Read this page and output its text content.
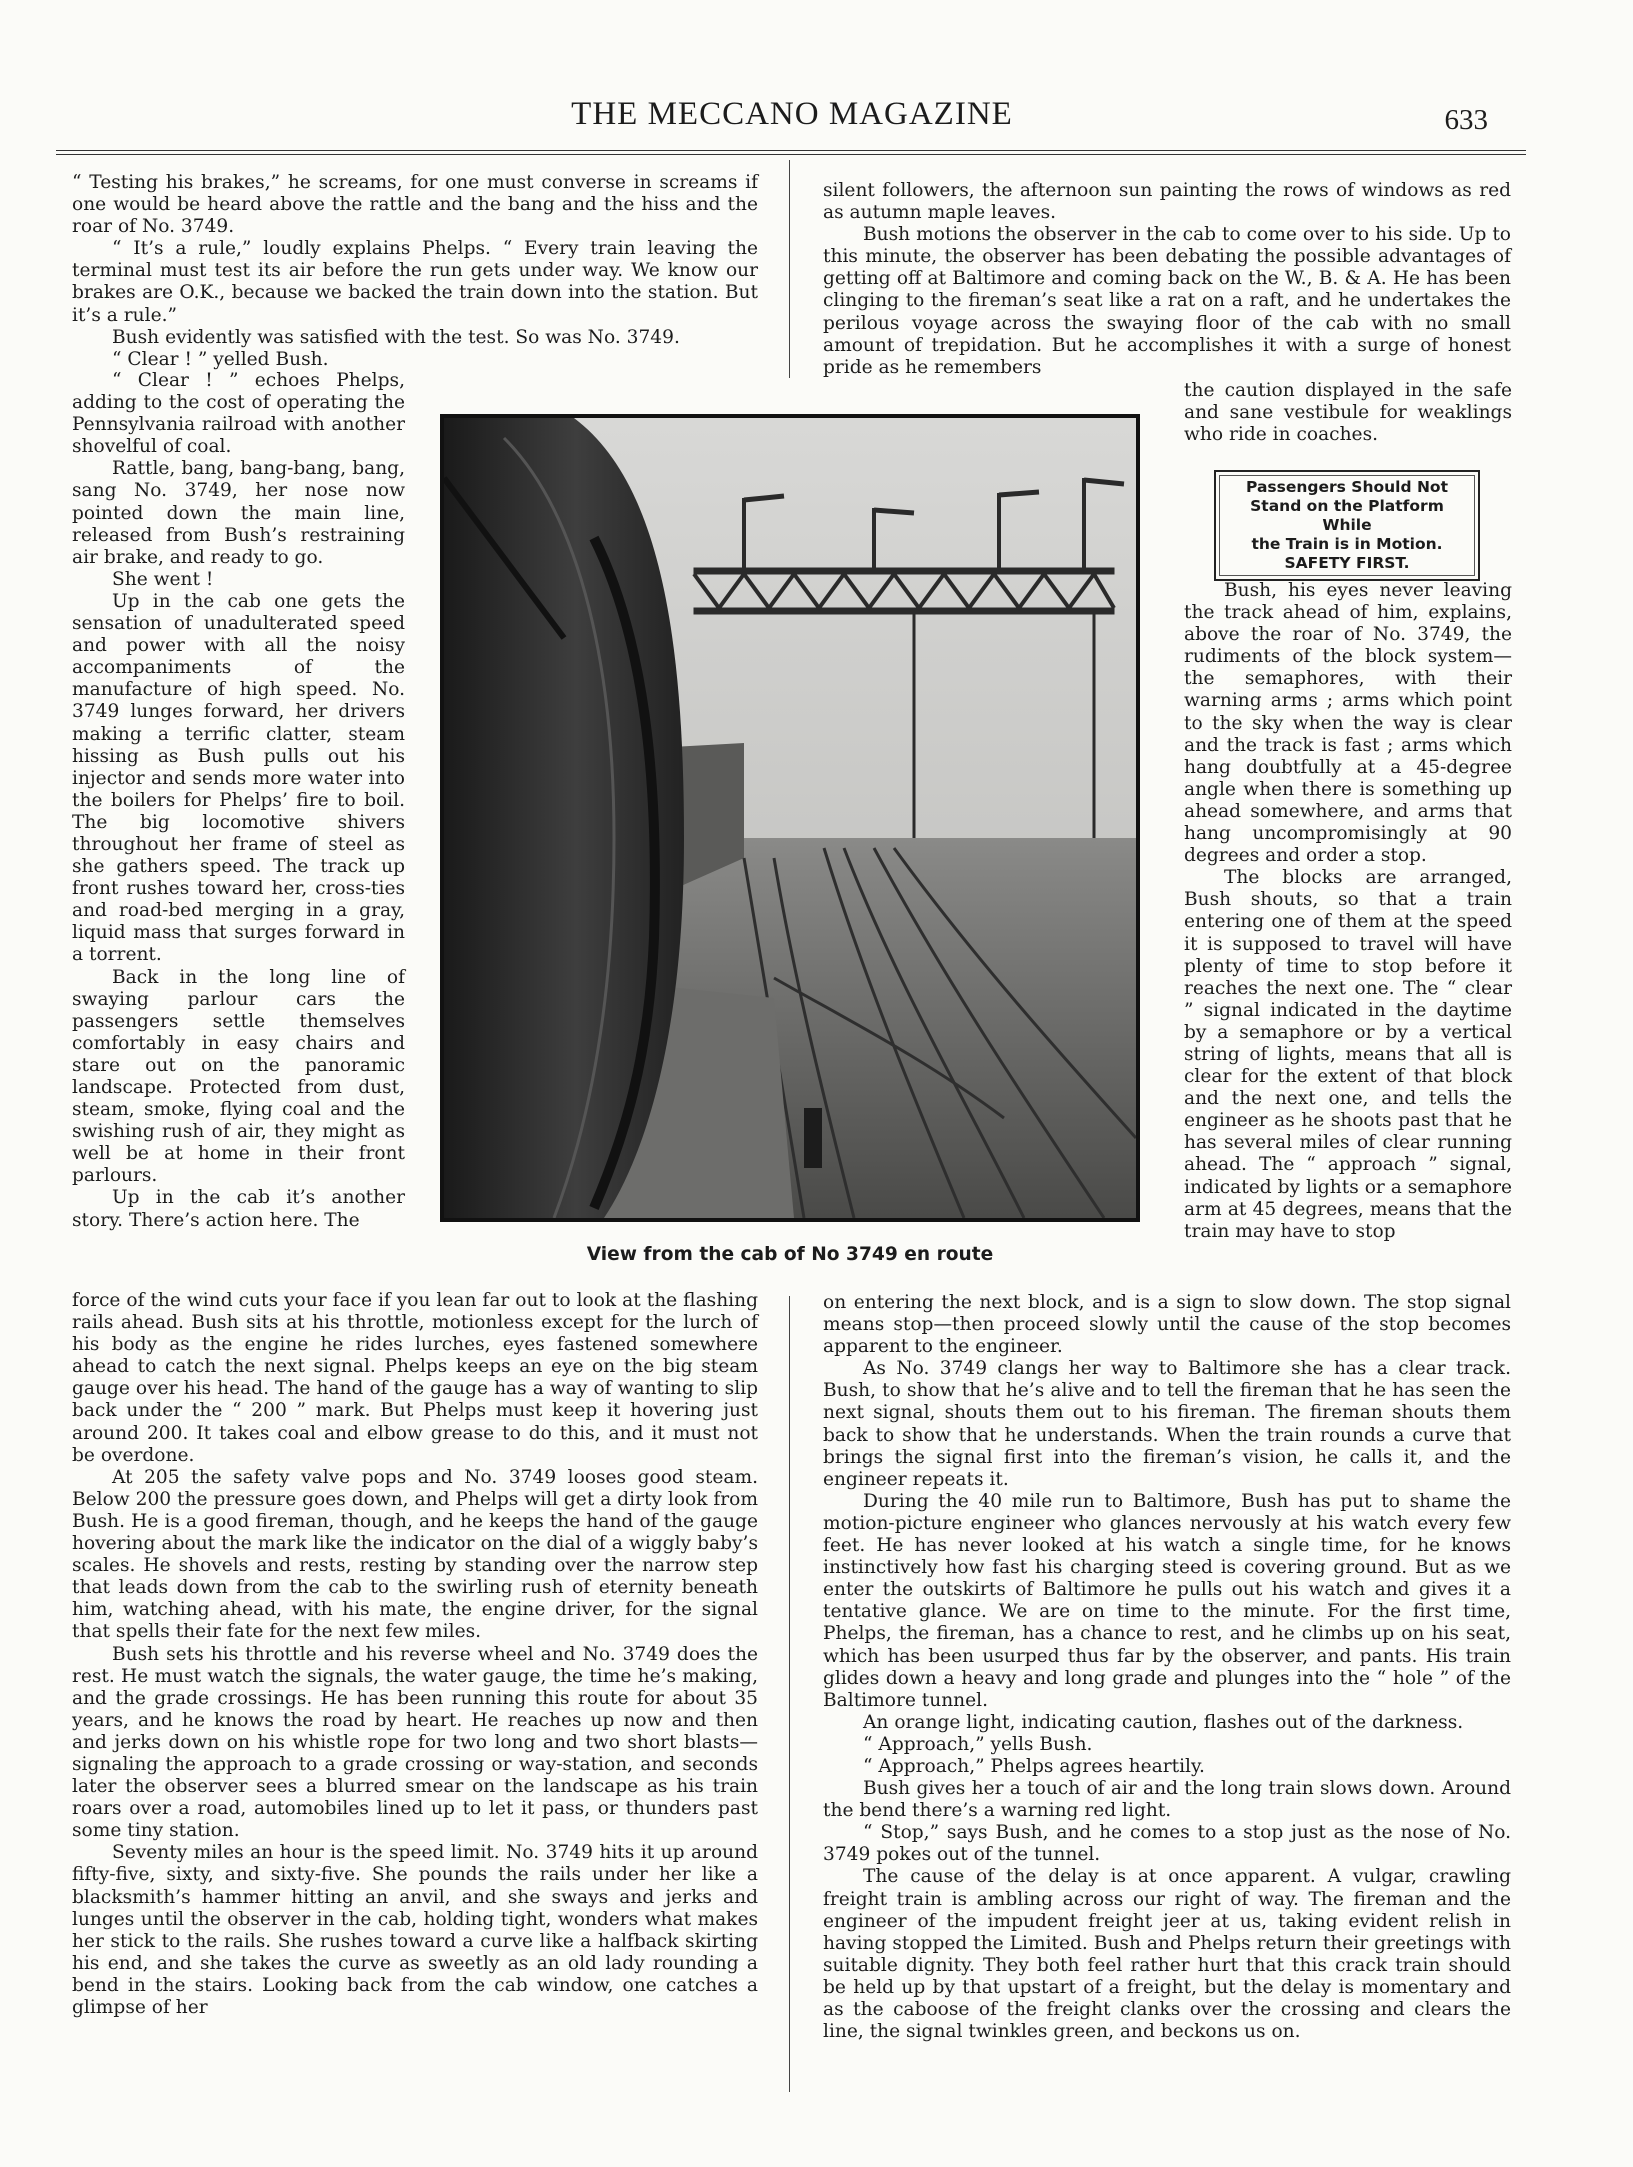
THE MECCANO MAGAZINE	633

“ Testing his brakes,” he screams, for one must converse in screams if one would be heard above the rattle and the bang and the hiss and the roar of No. 3749.

“ It’s a rule,” loudly explains Phelps. “ Every train leaving the terminal must test its air before the run gets under way. We know our brakes are O.K., because we backed the train down into the station. But it’s a rule.”

Bush evidently was satisfied with the test. So was No. 3749.

“ Clear ! ” yelled Bush.

“ Clear ! ” echoes Phelps, adding to the cost of operating the Pennsylvania railroad with another shovelful of coal.

Rattle, bang, bang-bang, bang, sang No. 3749, her nose now pointed down the main line, released from Bush’s restraining air brake, and ready to go.

She went !

Up in the cab one gets the sensation of unadulterated speed and power with all the noisy accompaniments of the manufacture of high speed. No. 3749 lunges forward, her drivers making a terrific clatter, steam hissing as Bush pulls out his injector and sends more water into the boilers for Phelps’ fire to boil. The big locomotive shivers throughout her frame of steel as she gathers speed. The track up front rushes toward her, cross-ties and road-bed merging in a gray, liquid mass that surges forward in a torrent.

Back in the long line of swaying parlour cars the passengers settle themselves comfortably in easy chairs and stare out on the panoramic landscape. Protected from dust, steam, smoke, flying coal and the swishing rush of air, they might as well be at home in their front parlours.

Up in the cab it’s another story. There’s action here. The

force of the wind cuts your face if you lean far out to look at the flashing rails ahead. Bush sits at his throttle, motionless except for the lurch of his body as the engine he rides lurches, eyes fastened somewhere ahead to catch the next signal. Phelps keeps an eye on the big steam gauge over his head. The hand of the gauge has a way of wanting to slip back under the “ 200 ” mark. But Phelps must keep it hovering just around 200. It takes coal and elbow grease to do this, and it must not be overdone.

At 205 the safety valve pops and No. 3749 looses good steam. Below 200 the pressure goes down, and Phelps will get a dirty look from Bush. He is a good fireman, though, and he keeps the hand of the gauge hovering about the mark like the indicator on the dial of a wiggly baby’s scales. He shovels and rests, resting by standing over the narrow step that leads down from the cab to the swirling rush of eternity beneath him, watching ahead, with his mate, the engine driver, for the signal that spells their fate for the next few miles.

Bush sets his throttle and his reverse wheel and No. 3749 does the rest. He must watch the signals, the water gauge, the time he’s making, and the grade crossings. He has been running this route for about 35 years, and he knows the road by heart. He reaches up now and then and jerks down on his whistle rope for two long and two short blasts—signaling the approach to a grade crossing or way-station, and seconds later the observer sees a blurred smear on the landscape as his train roars over a road, automobiles lined up to let it pass, or thunders past some tiny station.

Seventy miles an hour is the speed limit. No. 3749 hits it up around fifty-five, sixty, and sixty-five. She pounds the rails under her like a blacksmith’s hammer hitting an anvil, and she sways and jerks and lunges until the observer in the cab, holding tight, wonders what makes her stick to the rails. She rushes toward a curve like a halfback skirting his end, and she takes the curve as sweetly as an old lady rounding a bend in the stairs. Looking back from the cab window, one catches a glimpse of her

silent followers, the afternoon sun painting the rows of windows as red as autumn maple leaves.

Bush motions the observer in the cab to come over to his side. Up to this minute, the observer has been debating the possible advantages of getting off at Baltimore and coming back on the W., B. & A. He has been clinging to the fireman’s seat like a rat on a raft, and he undertakes the perilous voyage across the swaying floor of the cab with no small amount of trepidation. But he accomplishes it with a surge of honest pride as he remembers

the caution displayed in the safe and sane vestibule for weaklings who ride in coaches.

Passengers Should Not
Stand on the Platform While
the Train is in Motion.
SAFETY FIRST.

Bush, his eyes never leaving the track ahead of him, explains, above the roar of No. 3749, the rudiments of the block system—the semaphores, with their warning arms ; arms which point to the sky when the way is clear and the track is fast ; arms which hang doubtfully at a 45-degree angle when there is something up ahead somewhere, and arms that hang uncompromisingly at 90 degrees and order a stop.

The blocks are arranged, Bush shouts, so that a train entering one of them at the speed it is supposed to travel will have plenty of time to stop before it reaches the next one. The “ clear ” signal indicated in the daytime by a semaphore or by a vertical string of lights, means that all is clear for the extent of that block and the next one, and tells the engineer as he shoots past that he has several miles of clear running ahead. The “ approach ” signal, indicated by lights or a semaphore arm at 45 degrees, means that the train may have to stop

on entering the next block, and is a sign to slow down. The stop signal means stop—then proceed slowly until the cause of the stop becomes apparent to the engineer.

As No. 3749 clangs her way to Baltimore she has a clear track. Bush, to show that he’s alive and to tell the fireman that he has seen the next signal, shouts them out to his fireman. The fireman shouts them back to show that he understands. When the train rounds a curve that brings the signal first into the fireman’s vision, he calls it, and the engineer repeats it.

During the 40 mile run to Baltimore, Bush has put to shame the motion-picture engineer who glances nervously at his watch every few feet. He has never looked at his watch a single time, for he knows instinctively how fast his charging steed is covering ground. But as we enter the outskirts of Baltimore he pulls out his watch and gives it a tentative glance. We are on time to the minute. For the first time, Phelps, the fireman, has a chance to rest, and he climbs up on his seat, which has been usurped thus far by the observer, and pants. His train glides down a heavy and long grade and plunges into the “ hole ” of the Baltimore tunnel.

An orange light, indicating caution, flashes out of the darkness.

“ Approach,” yells Bush.

“ Approach,” Phelps agrees heartily.

Bush gives her a touch of air and the long train slows down. Around the bend there’s a warning red light.

“ Stop,” says Bush, and he comes to a stop just as the nose of No. 3749 pokes out of the tunnel.

The cause of the delay is at once apparent. A vulgar, crawling freight train is ambling across our right of way. The fireman and the engineer of the impudent freight jeer at us, taking evident relish in having stopped the Limited. Bush and Phelps return their greetings with suitable dignity. They both feel rather hurt that this crack train should be held up by that upstart of a freight, but the delay is momentary and as the caboose of the freight clanks over the crossing and clears the line, the signal twinkles green, and beckons us on.

View from the cab of No 3749 en route
